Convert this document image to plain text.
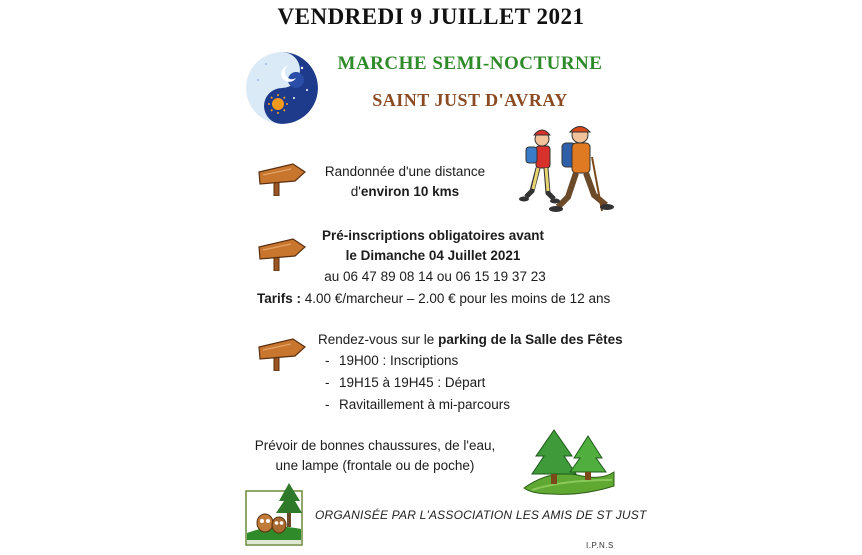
VENDREDI 9 JUILLET 2021
MARCHE SEMI-NOCTURNE
SAINT JUST D'AVRAY
Randonnée d'une distance
d'environ 10 kms
Pré-inscriptions obligatoires avant
le Dimanche 04 Juillet 2021
au 06 47 89 08 14 ou 06 15 19 37 23
Tarifs : 4.00 €/marcheur – 2.00 € pour les moins de 12 ans
Rendez-vous sur le parking de la Salle des Fêtes
- 19H00 : Inscriptions
- 19H15 à 19H45 : Départ
- Ravitaillement à mi-parcours
Prévoir de bonnes chaussures, de l'eau,
une lampe (frontale ou de poche)
ORGANISÉE PAR L'ASSOCIATION LES AMIS DE ST JUST
I.P.N.S
